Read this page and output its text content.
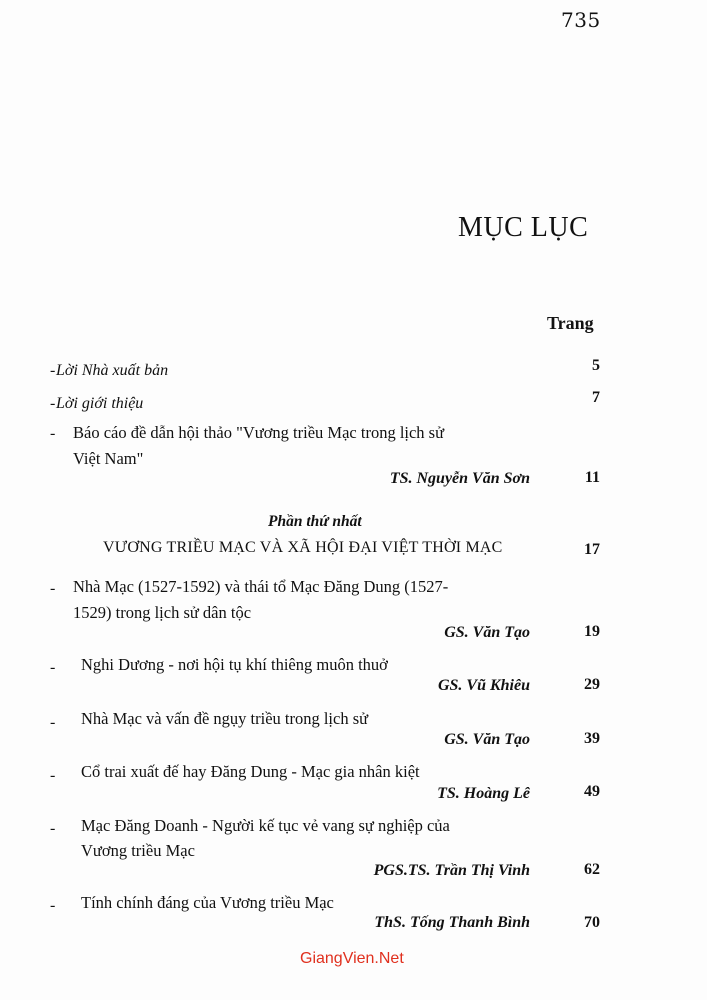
735
MỤC LỤC
Trang
- Lời Nhà xuất bản	5
- Lời giới thiệu	7
- Báo cáo đề dẫn hội thảo "Vương triều Mạc trong lịch sử
Việt Nam"
TS. Nguyễn Văn Sơn	11
Phần thứ nhất
VƯƠNG TRIỀU MẠC VÀ XÃ HỘI ĐẠI VIỆT THỜI MẠC	17
- Nhà Mạc (1527-1592) và thái tổ Mạc Đăng Dung (1527-
1529) trong lịch sử dân tộc
GS. Văn Tạo	19
- Nghi Dương - nơi hội tụ khí thiêng muôn thuở
GS. Vũ Khiêu	29
- Nhà Mạc và vấn đề ngụy triều trong lịch sử
GS. Văn Tạo	39
- Cổ trai xuất đế hay Đăng Dung - Mạc gia nhân kiệt
TS. Hoàng Lê	49
- Mạc Đăng Doanh - Người kế tục vẻ vang sự nghiệp của
Vương triều Mạc
PGS.TS. Trần Thị Vinh	62
- Tính chính đáng của Vương triều Mạc
ThS. Tống Thanh Bình	70
GiangVien.Net
